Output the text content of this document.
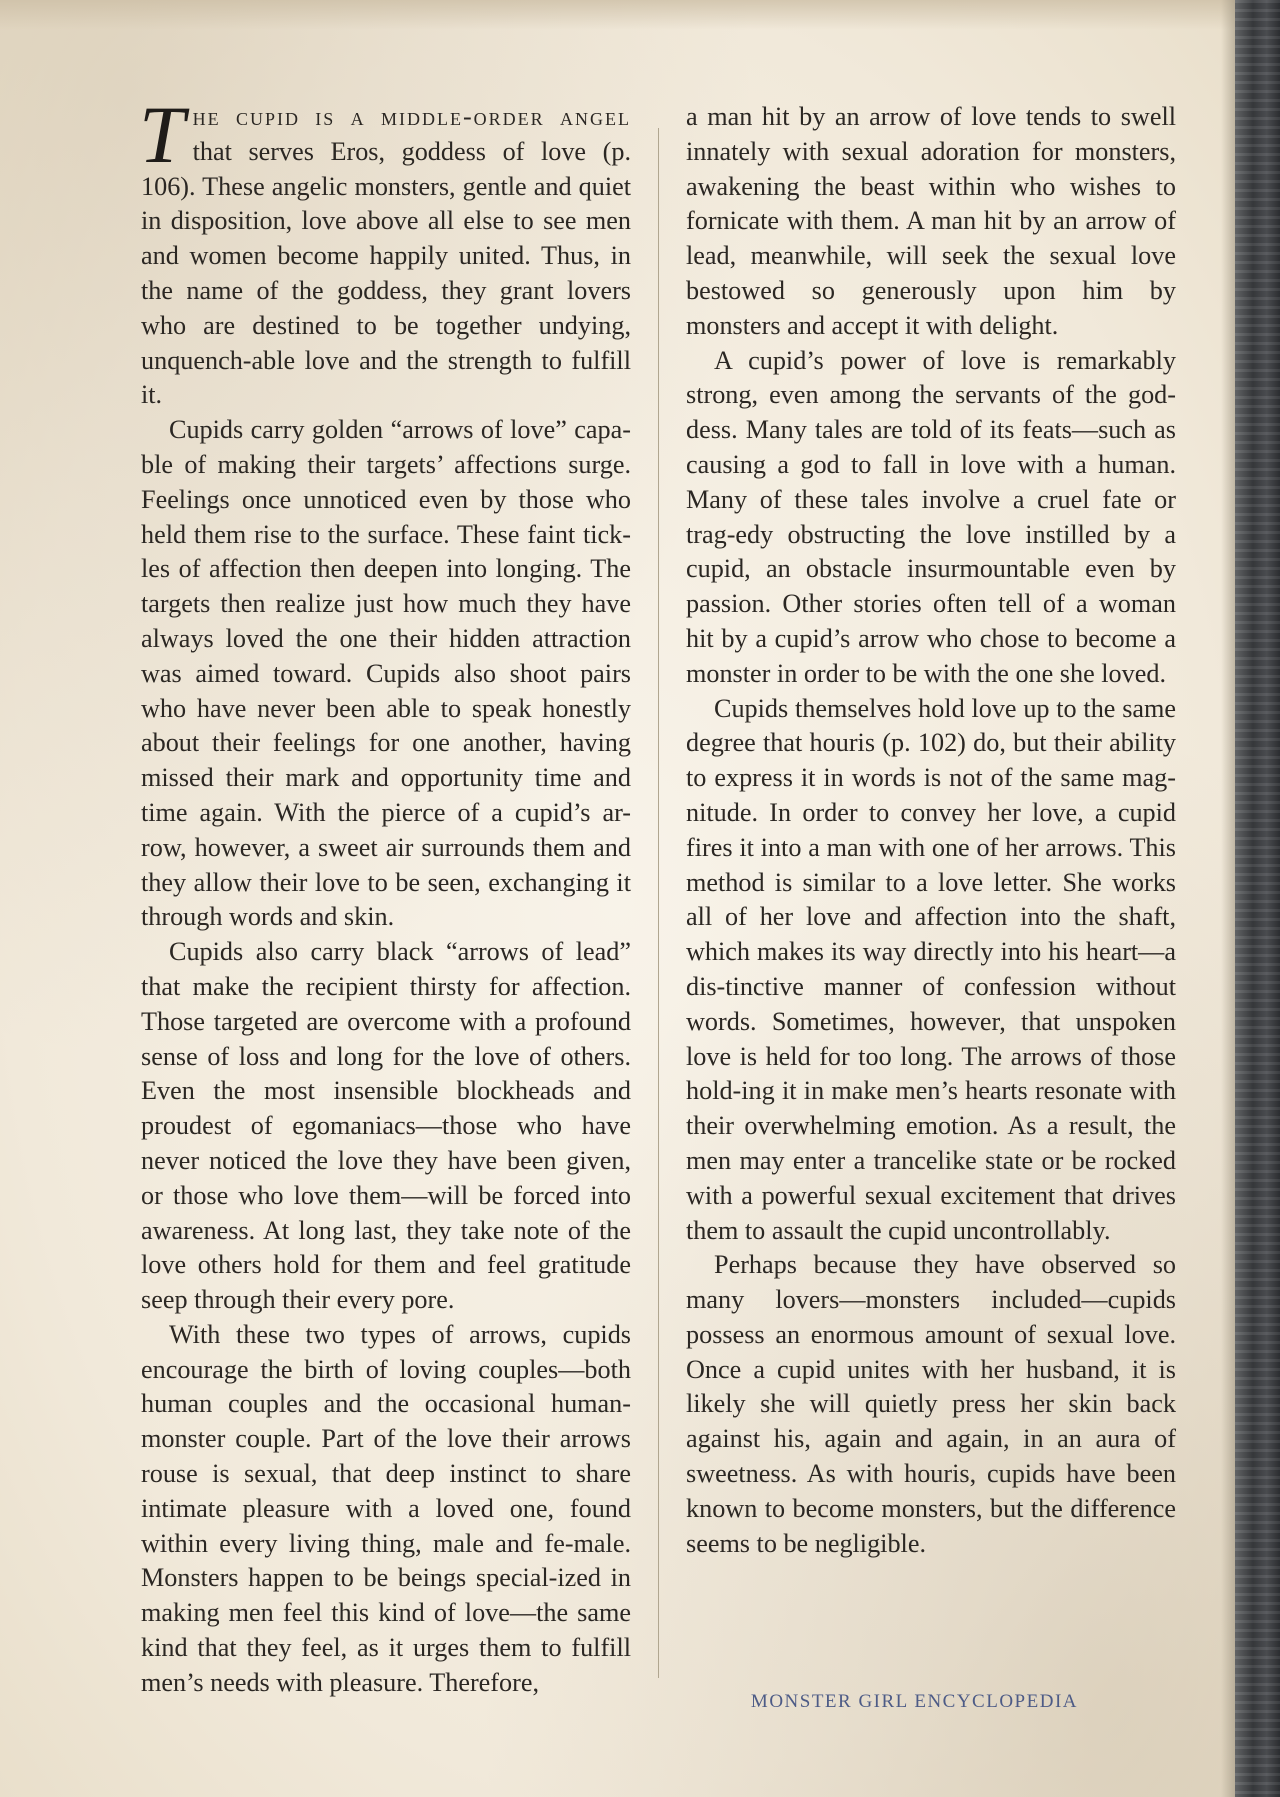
The cupid is a middle-order angel that serves Eros, goddess of love (p. 106). These angelic monsters, gentle and quiet in disposition, love above all else to see men and women become happily united. Thus, in the name of the goddess, they grant lovers who are destined to be together undying, unquench-able love and the strength to fulfill it.

Cupids carry golden “arrows of love” capa-ble of making their targets’ affections surge. Feelings once unnoticed even by those who held them rise to the surface. These faint tick-les of affection then deepen into longing. The targets then realize just how much they have always loved the one their hidden attraction was aimed toward. Cupids also shoot pairs who have never been able to speak honestly about their feelings for one another, having missed their mark and opportunity time and time again. With the pierce of a cupid’s ar-row, however, a sweet air surrounds them and they allow their love to be seen, exchanging it through words and skin.

Cupids also carry black “arrows of lead” that make the recipient thirsty for affection. Those targeted are overcome with a profound sense of loss and long for the love of others. Even the most insensible blockheads and proudest of egomaniacs—those who have never noticed the love they have been given, or those who love them—will be forced into awareness. At long last, they take note of the love others hold for them and feel gratitude seep through their every pore.

With these two types of arrows, cupids encourage the birth of loving couples—both human couples and the occasional human-monster couple. Part of the love their arrows rouse is sexual, that deep instinct to share intimate pleasure with a loved one, found within every living thing, male and fe-male. Monsters happen to be beings special-ized in making men feel this kind of love—the same kind that they feel, as it urges them to fulfill men’s needs with pleasure. Therefore,

a man hit by an arrow of love tends to swell innately with sexual adoration for monsters, awakening the beast within who wishes to fornicate with them. A man hit by an arrow of lead, meanwhile, will seek the sexual love bestowed so generously upon him by monsters and accept it with delight.

A cupid’s power of love is remarkably strong, even among the servants of the god-dess. Many tales are told of its feats—such as causing a god to fall in love with a human. Many of these tales involve a cruel fate or trag-edy obstructing the love instilled by a cupid, an obstacle insurmountable even by passion. Other stories often tell of a woman hit by a cupid’s arrow who chose to become a monster in order to be with the one she loved.

Cupids themselves hold love up to the same degree that houris (p. 102) do, but their ability to express it in words is not of the same mag-nitude. In order to convey her love, a cupid fires it into a man with one of her arrows. This method is similar to a love letter. She works all of her love and affection into the shaft, which makes its way directly into his heart—a dis-tinctive manner of confession without words. Sometimes, however, that unspoken love is held for too long. The arrows of those hold-ing it in make men’s hearts resonate with their overwhelming emotion. As a result, the men may enter a trancelike state or be rocked with a powerful sexual excitement that drives them to assault the cupid uncontrollably.

Perhaps because they have observed so many lovers—monsters included—cupids possess an enormous amount of sexual love. Once a cupid unites with her husband, it is likely she will quietly press her skin back against his, again and again, in an aura of sweetness. As with houris, cupids have been known to become monsters, but the difference seems to be negligible.

MONSTER GIRL ENCYCLOPEDIA
